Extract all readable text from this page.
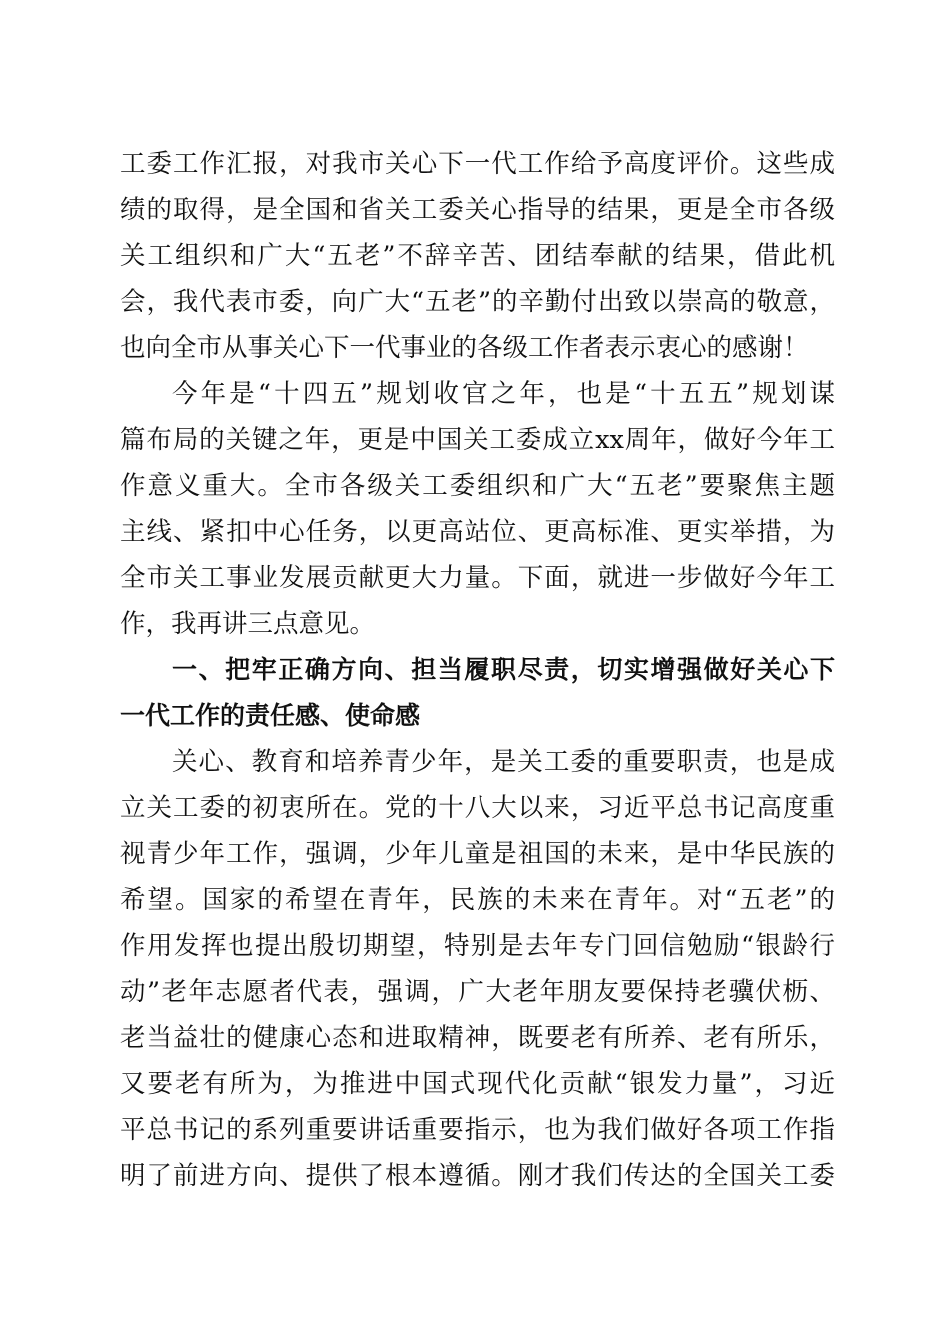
工委工作汇报，对我市关心下一代工作给予高度评价。这些成
绩的取得，是全国和省关工委关心指导的结果，更是全市各级
关工组织和广大“五老”不辞辛苦、团结奉献的结果，借此机
会，我代表市委，向广大“五老”的辛勤付出致以崇高的敬意，
也向全市从事关心下一代事业的各级工作者表示衷心的感谢！
今年是“十四五”规划收官之年，也是“十五五”规划谋
篇布局的关键之年，更是中国关工委成立xx周年，做好今年工
作意义重大。全市各级关工委组织和广大“五老”要聚焦主题
主线、紧扣中心任务，以更高站位、更高标准、更实举措，为
全市关工事业发展贡献更大力量。下面，就进一步做好今年工
作，我再讲三点意见。
一、把牢正确方向、担当履职尽责，切实增强做好关心下
一代工作的责任感、使命感
关心、教育和培养青少年，是关工委的重要职责，也是成
立关工委的初衷所在。党的十八大以来，习近平总书记高度重
视青少年工作，强调，少年儿童是祖国的未来，是中华民族的
希望。国家的希望在青年，民族的未来在青年。对“五老”的
作用发挥也提出殷切期望，特别是去年专门回信勉励“银龄行
动”老年志愿者代表，强调，广大老年朋友要保持老骥伏枥、
老当益壮的健康心态和进取精神，既要老有所养、老有所乐，
又要老有所为，为推进中国式现代化贡献“银发力量”，习近
平总书记的系列重要讲话重要指示，也为我们做好各项工作指
明了前进方向、提供了根本遵循。刚才我们传达的全国关工委
